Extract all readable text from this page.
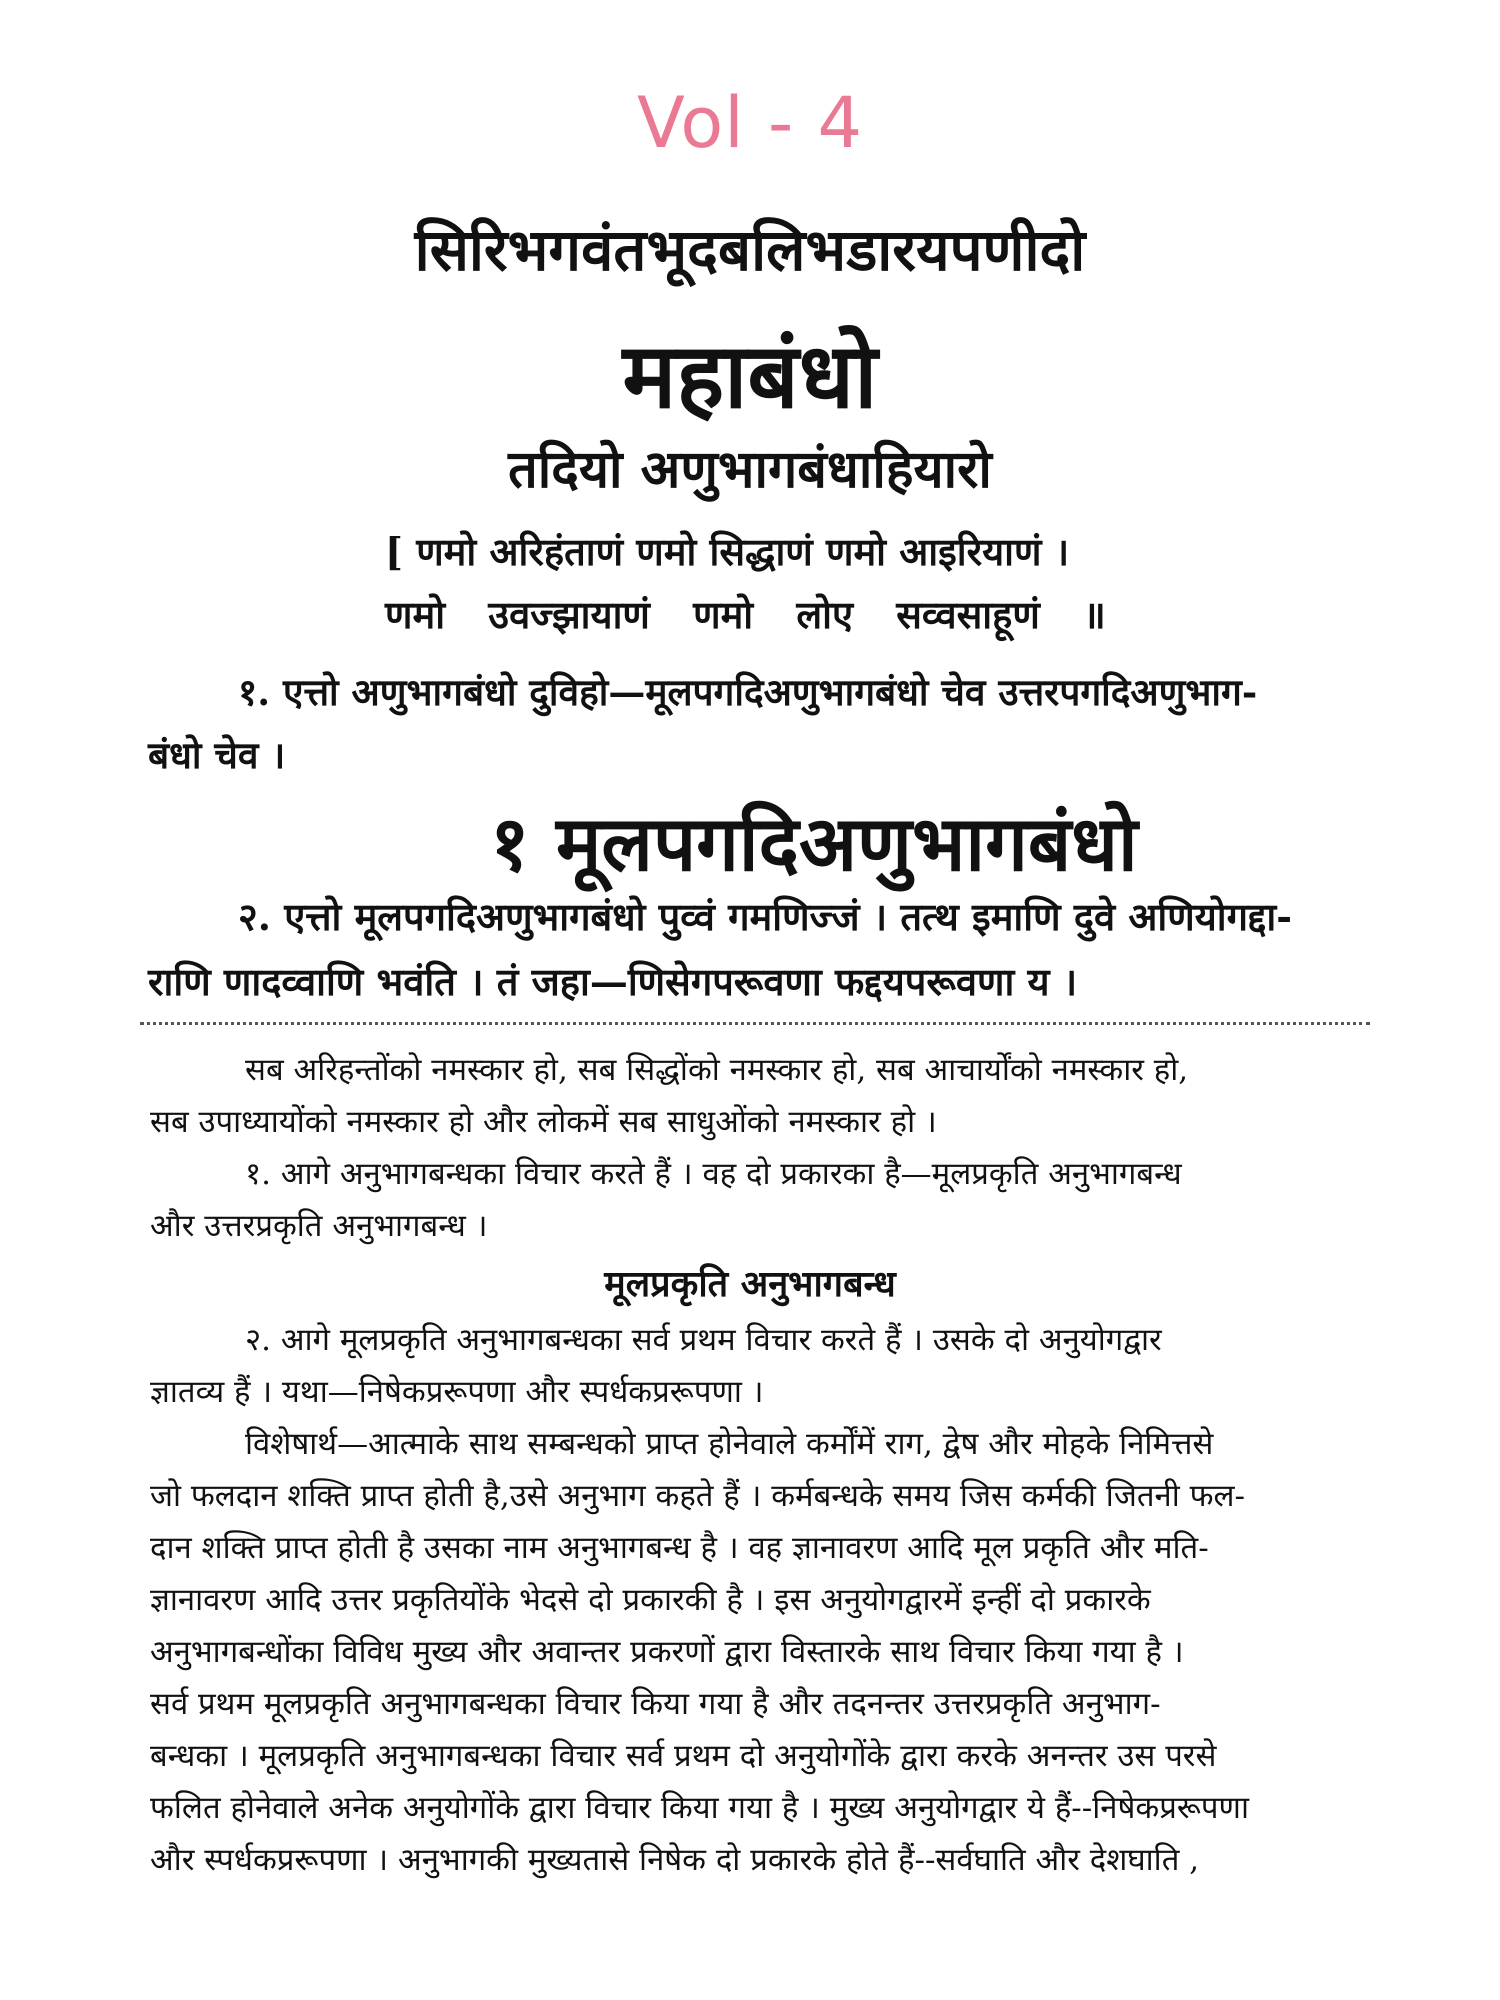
Vol - 4
सिरिभगवंतभूदबलिभडारयपणीदो
महाबंधो
तदियो अणुभागबंधाहियारो
[ णमो अरिहंताणं णमो सिद्धाणं णमो आइरियाणं ।
णमो उवज्झायाणं णमो लोए सव्वसाहूणं ॥
१. एत्तो अणुभागबंधो दुविहो—मूलपगदिअणुभागबंधो चेव उत्तरपगदिअणुभाग-
बंधो चेव ।
१ मूलपगदिअणुभागबंधो
२. एत्तो मूलपगदिअणुभागबंधो पुव्वं गमणिज्जं । तत्थ इमाणि दुवे अणियोगद्दा-
राणि णादव्वाणि भवंति । तं जहा—णिसेगपरूवणा फद्दयपरूवणा य ।
सब अरिहन्तोंको नमस्कार हो, सब सिद्धोंको नमस्कार हो, सब आचार्योंको नमस्कार हो,
सब उपाध्यायोंको नमस्कार हो और लोकमें सब साधुओंको नमस्कार हो ।
१. आगे अनुभागबन्धका विचार करते हैं । वह दो प्रकारका है—मूलप्रकृति अनुभागबन्ध
और उत्तरप्रकृति अनुभागबन्ध ।
मूलप्रकृति अनुभागबन्ध
२. आगे मूलप्रकृति अनुभागबन्धका सर्व प्रथम विचार करते हैं । उसके दो अनुयोगद्वार
ज्ञातव्य हैं । यथा—निषेकप्ररूपणा और स्पर्धकप्ररूपणा ।
विशेषार्थ—आत्माके साथ सम्बन्धको प्राप्त होनेवाले कर्मोंमें राग, द्वेष और मोहके निमित्तसे
जो फलदान शक्ति प्राप्त होती है,उसे अनुभाग कहते हैं । कर्मबन्धके समय जिस कर्मकी जितनी फल-
दान शक्ति प्राप्त होती है उसका नाम अनुभागबन्ध है । वह ज्ञानावरण आदि मूल प्रकृति और मति-
ज्ञानावरण आदि उत्तर प्रकृतियोंके भेदसे दो प्रकारकी है । इस अनुयोगद्वारमें इन्हीं दो प्रकारके
अनुभागबन्धोंका विविध मुख्य और अवान्तर प्रकरणों द्वारा विस्तारके साथ विचार किया गया है ।
सर्व प्रथम मूलप्रकृति अनुभागबन्धका विचार किया गया है और तदनन्तर उत्तरप्रकृति अनुभाग-
बन्धका । मूलप्रकृति अनुभागबन्धका विचार सर्व प्रथम दो अनुयोगोंके द्वारा करके अनन्तर उस परसे
फलित होनेवाले अनेक अनुयोगोंके द्वारा विचार किया गया है । मुख्य अनुयोगद्वार ये हैं--निषेकप्ररूपणा
और स्पर्धकप्ररूपणा । अनुभागकी मुख्यतासे निषेक दो प्रकारके होते हैं--सर्वघाति और देशघाति ,
